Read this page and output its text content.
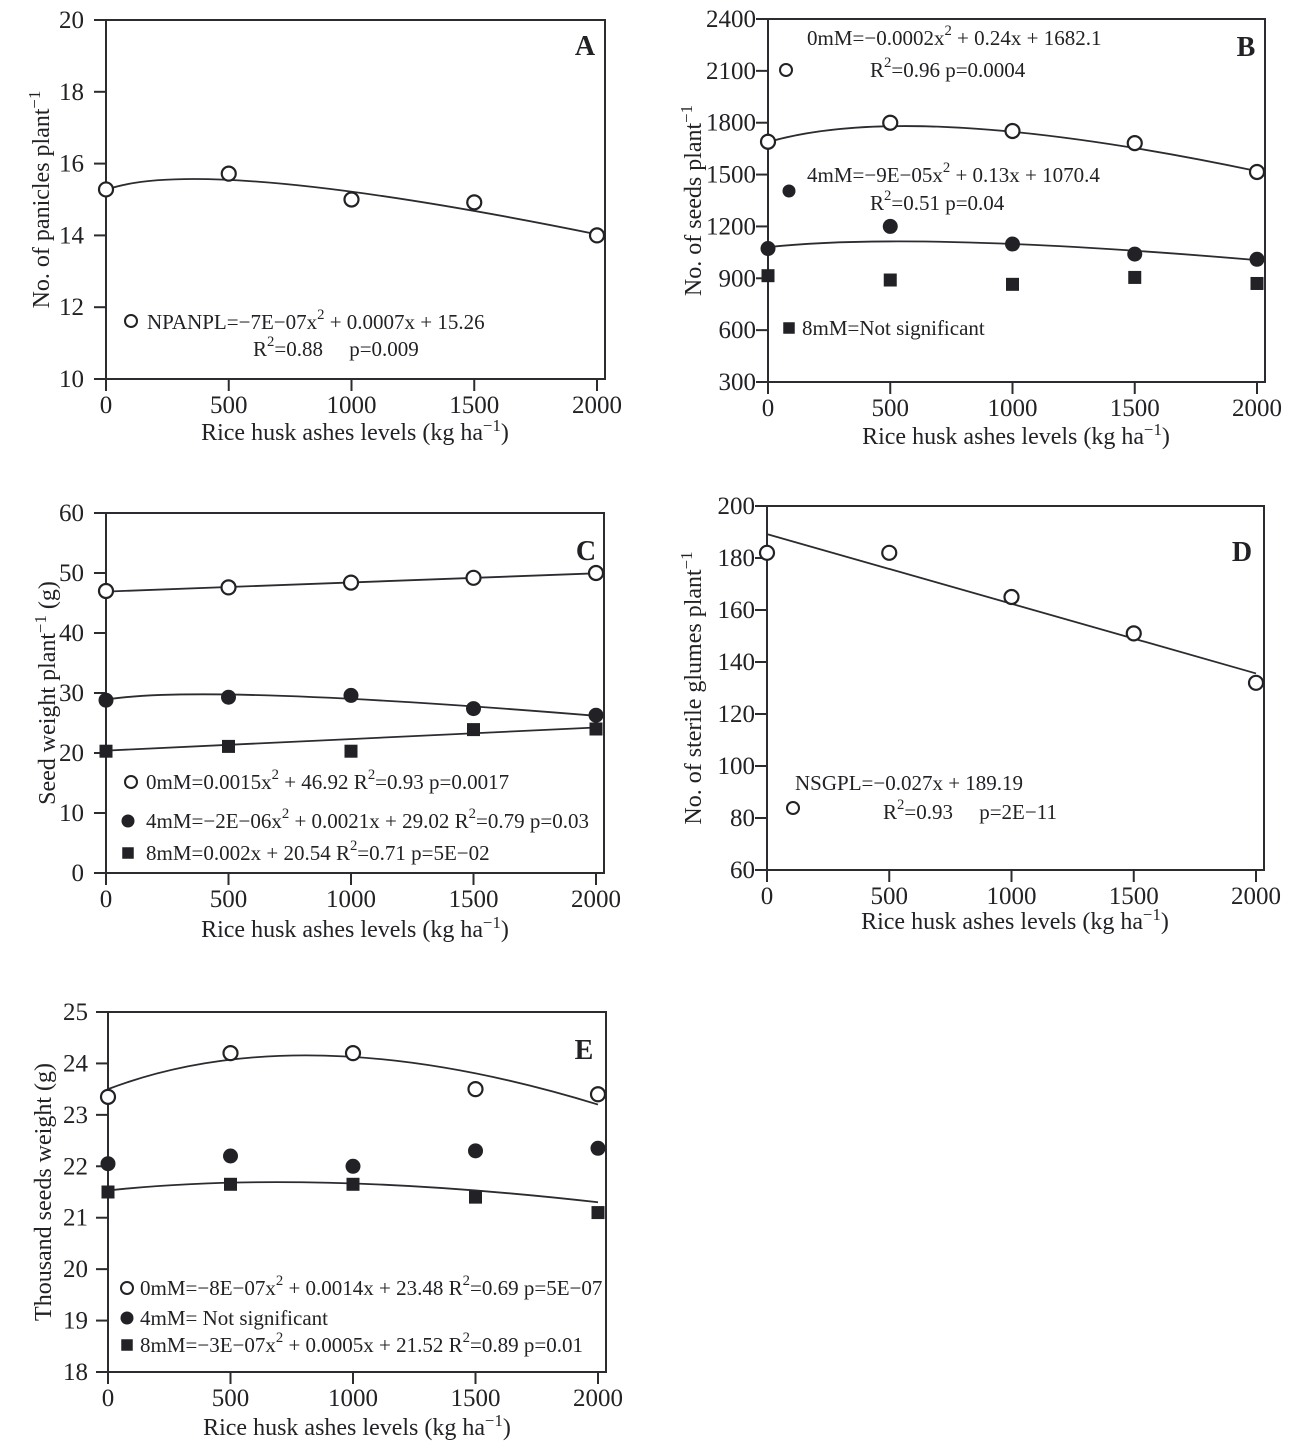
10
12
14
16
18
20
0	500	1000	1500	2000
Rice husk ashes levels (kg $ha^{-1}$)
No. of panicles plant$^{-1}$
$NPANPL=-7E-07x^2 + 0.0007x + 15.26$
$R^2=0.88$     p=0.009
A
300
600
900
1200
1500
1800
2100
2400
0	500	1000	1500	2000
Rice husk ashes levels (kg $ha^{-1}$)
No. of seeds plant$^{-1}$
$0mM=-0.0002x^2 + 0.24x + 1682.1$
$R^2=0.96$ p=0.0004
$4mM=-9E-05x^2 + 0.13x + 1070.4$
$R^2=0.51$ p=0.04
8mM=Not significant
B
0
10
20
30
40
50
60
0	500	1000	1500	2000
Rice husk ashes levels (kg $ha^{-1}$)
Seed weight plant$^{-1}$ (g)
$0mM=0.0015x^2 + 46.92$ $R^2=0.93$ p=0.0017
$4mM=-2E-06x^2 + 0.0021x + 29.02$ $R^2=0.79$ p=0.03
8mM=0.002x + 20.54 $R^2=0.71$ p=5E−02
C
60
80
100
120
140
160
180
200
0	500	1000	1500	2000
Rice husk ashes levels (kg $ha^{-1}$)
No. of sterile glumes plant$^{-1}$
NSGPL=−0.027x + 189.19
$R^2=0.93$     p=2E−11
D
18
19
20
21
22
23
24
25
0	500	1000	1500	2000
Rice husk ashes levels (kg $ha^{-1}$)
Thousand seeds weight (g)	$0mM=-8E-07x^2 + 0.0014x + 23.48$ $R^2=0.69$ p=5E−07
4mM= Not significant
$8mM=-3E-07x^2 + 0.0005x + 21.52$ $R^2=0.89$ p=0.01
E
